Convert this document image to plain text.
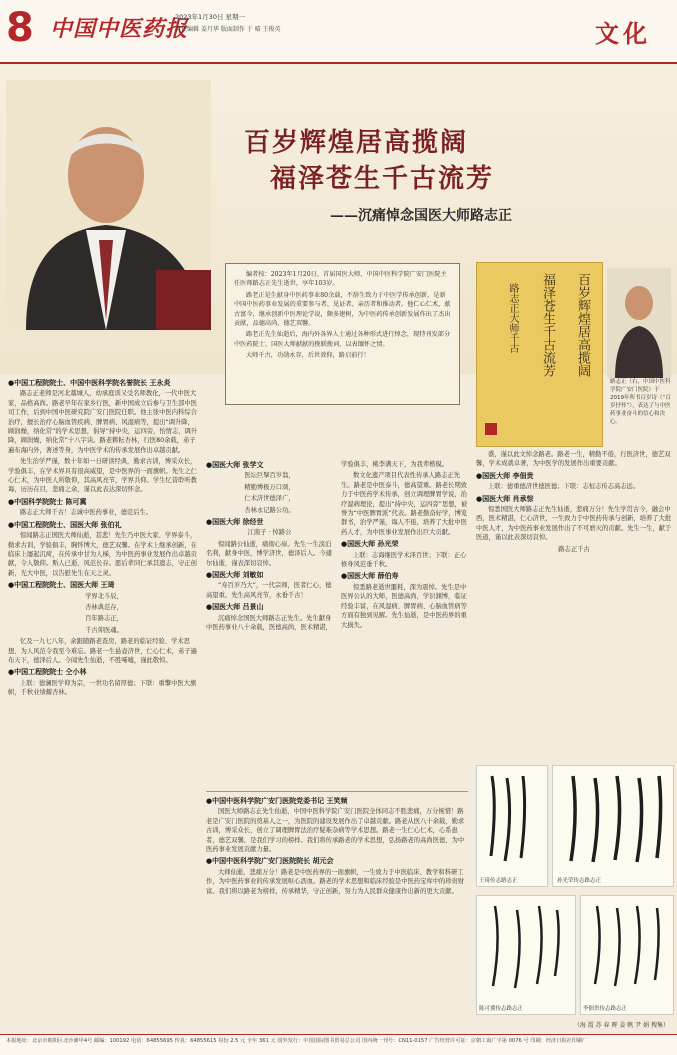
8 中国中医药报
2023年1月30日 星期一
责任编辑 姜月华 版面制作 于 晴 王俊英	文化
百岁辉煌居高揽阔
福泽苍生千古流芳
——沉痛悼念国医大师路志正

编者按：2023年1月20日，首届国医大师、中国中医科学院广安门医院主任医师路志正先生逝世，享年103岁。

路老正是生献身中医药事业80余载，不辞生致力于中医学传承创新，是新中国中医药事业发展的重要参与者、见证者、亲历者和推动者。他仁心仁术，献古富今，继承创新中医理论学说，颇多建树，为中医药传承创新发展作出了杰出贡献，品德高尚，德艺双馨。

路老正先生仙逝后，海内外各界人士通过各种形式进行悼念，现特刊发部分中医药院士、国医大师献献的挽联挽词，以表缅怀之情。

大师千古，功勋永存，后世效仰，路启前行！	百岁辉煌居高揽阔
福泽苍生千古流芳
路志正大师千古
路志正（右，中国中医科学院广安门医院）于2019年所书百岁诗（“百岁抒怀”），表达了与中医药事业奋斗的信心和决心。

●中国工程院院士、中国中医科学院名誉院长 王永炎

路志正老师是河北藁城人，幼承庭训又受名师教化，一代中医大家，品格高尚。路老早年在家乡行医，新中国成立后参与卫生部中医司工作，后到中国中医研究院广安门医院任职。他主张中医内科综合治疗，擅长治疗心脑血管疾病、脾胃病、风湿病等，提出“调升降，顾润燥，纳化常”的学术思想，倡导“持中央，运四旁，怡情志，调升降，顾润燥，纳化常”十八字诀。路老耕耘杏林，行医80余载，弟子遍布海内外，著述等身，为中医学术的传承发展作出卓越贡献。

先生治学严谨，数十年如一日研读经典，勤求古训，博采众长，学验俱丰，在学术界具有很高威望，是中医界的一面旗帜。先生之仁心仁术，为中医人所敬仰，其高风亮节，学界共仰。学生忆昔聆听教诲，历历在目，悲痛之余，谨以此表达深切怀念。

●中国科学院院士 陈可冀

路志正大师千古！志诚中医药事业，德范后生。

●中国工程院院士、国医大师 张伯礼

惊闻路志正国医大师仙逝，甚悲！先生乃中医大家、学界泰斗，勤求古训，学验俱丰，胸怀博大，德艺双馨。在学术上继承创新，在临床上屡起沉疴，在传承中甘为人梯，为中医药事业发展作出卓越贡献，令人敬仰。斯人已逝，风范长存。愿后辈同仁承其遗志，守正创新，光大中医，以告慰先生在天之灵。

●中国工程院院士、国医大师 王琦

学界北斗辰，

杏林典范存，

百年路志正，

千古仰医魂。

忆及一九七八年，余跟随路老查房，路老的临证经验、学术思想、为人风范令我至今难忘。路老一生悬壶济世，仁心仁术，弟子遍布天下，德泽后人。今闻先生仙逝，不胜唏嘘，谨此敬悼。

●中国工程院院士 仝小林

上联：德澜医学仰为宗，一世功名留厚德；下联：重擎中医大旗帜，千秋业绩耀杏林。

●国医大师 张学文

医坛巨擘百岁翁，

精勤博极万口颂，

仁术济世德泽广，

杏林永记路公功。

●国医大师 徐经世

江南子 · 悼路公

惊闻路公仙逝，痛彻心扉。先生一生淡泊名利，献身中医，博学济世，德泽后人。今遽尔仙逝，谨表深切哀悼。

●国医大师 刘敏如

“寿百岁乃大”，一代宗师，医者仁心，德高望重。先生高风亮节，永垂千古！

●国医大师 吕景山

沉痛悼念国医大师路志正先生。先生献身中医药事业八十余载，医德高尚，医术精湛，学验俱丰，桃李满天下，为我辈楷模。

数文化遗产项目代表性传承人路志正先生。路老是中医泰斗，德高望重。路老长期致力于中医药学术传承，创立调理脾胃学说，治疗湿病理论，提出“持中央，运四旁”思想，被誉为“中医脾胃派”代表。路老勤奋好学，博览群书，治学严谨，诲人不倦，培养了大批中医药人才，为中医事业发展作出巨大贡献。

●国医大师 孙光荣

上联：志海继医学术泽百世；下联：正心修身风范垂千秋。

●国医大师 薛伯寿

惊悉路老逝世噩耗，深为震悼。先生是中医界公认的大师，医德高尚，学识渊博，临证经验丰富，在风湿病、脾胃病、心脑血管病等方面有独到见解。先生仙逝，是中医药界的重大损失。

盛，谨以此文悼念路老。路老一生，精勤不倦，行医济世，德艺双馨，学术成就卓著，为中医学的发展作出重要贡献。

●国医大师 李佃贵

上联：德重德济世德医德；下联：志恒志传志高志远。

●国医大师 肖承悰

惊悉国医大师路志正先生仙逝，悲痛万分！先生学贯古今，融会中西，医术精湛，仁心济世，一生致力于中医药传承与创新，培养了大批中医人才，为中医药事业发展作出了不可磨灭的贡献。先生一生，献于医道，谨以此表深切哀悼。

路志正千古

●中国中医科学院广安门医院党委书记 王笑频

国医大师路志正先生仙逝，中国中医科学院广安门医院全体同志不胜悲痛，万分惋惜！路老是广安门医院的奠基人之一，为医院的建设发展作出了卓越贡献。路老从医八十余载，勤求古训，博采众长，创立了调理脾胃法治疗疑难杂病等学术思想。路老一生仁心仁术，心系患者，德艺双馨，是我们学习的榜样。我们将传承路老的学术思想，弘扬路老的高尚医德，为中医药事业发展贡献力量。

●中国中医科学院广安门医院院长 胡元会

大师仙逝，悲痛万分！路老是中医药界的一面旗帜，一生致力于中医临床、教学和科研工作，为中医药事业的传承发展呕心沥血。路老的学术思想和临床经验是中医药宝库中的珍贵财富。我们将以路老为榜样，传承精华，守正创新，努力为人民群众健康作出新的更大贡献。

王琦传志路志正	孙光荣传志路志正
陈可冀传志路志正	李佃贵传志路志正
（海 霞 苏 春 晖 姜 帆 尹 娟 搜集）
本报地址：北京市朝阳区北沙滩甲4号 邮编：100192 电话：64855695 传真：64855615 每份 2.5 元 全年 361 元 国外发行：中国国际图书贸易总公司 国内统一刊号：CN11-0157 广告经营许可证：京朝工商广字第 0076 号 印刷：经济日报社印刷厂
